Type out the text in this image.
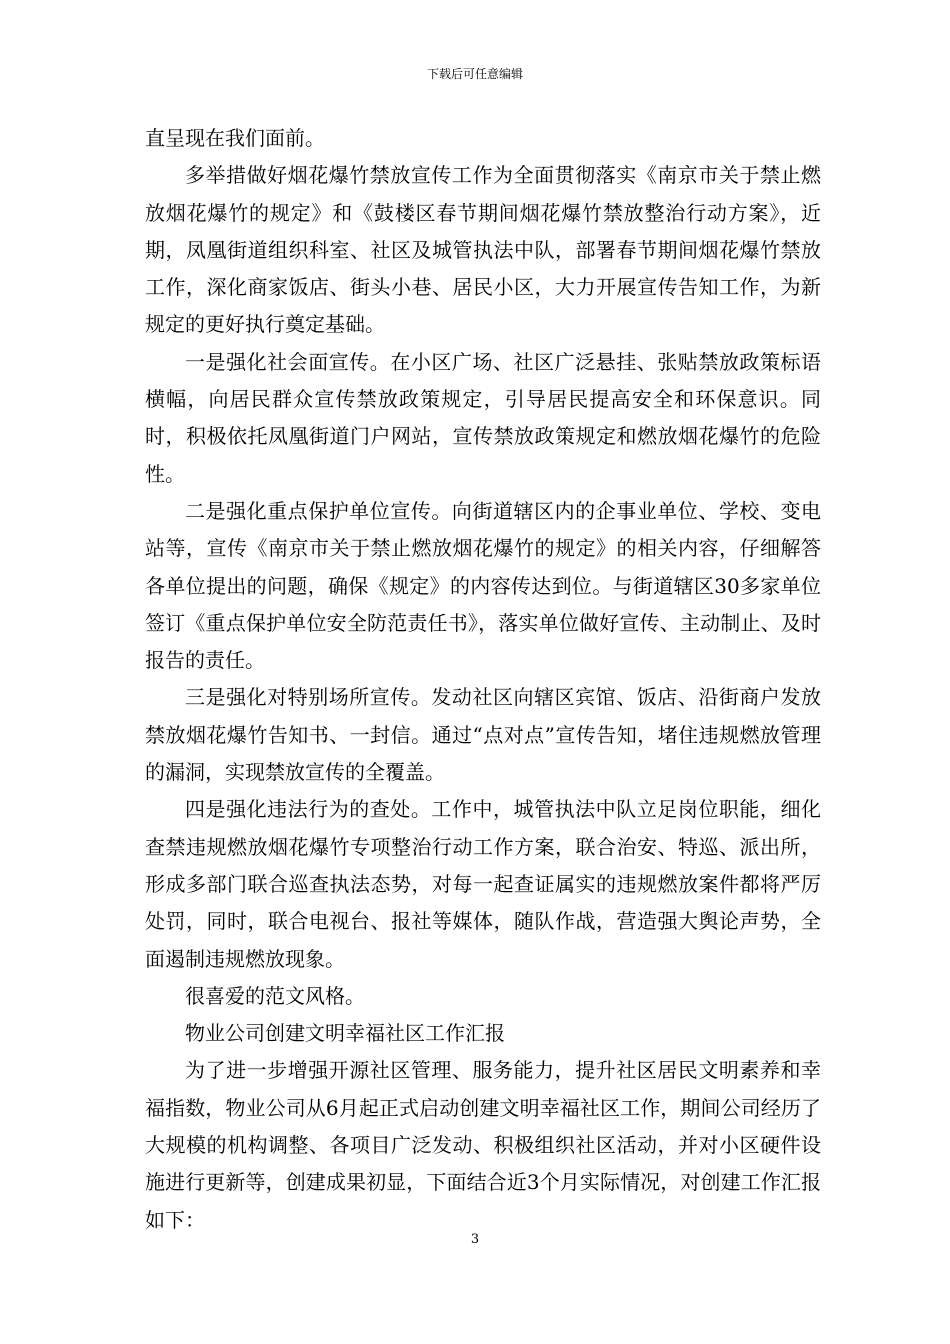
下载后可任意编辑

直呈现在我们面前。

多举措做好烟花爆竹禁放宣传工作为全面贯彻落实《南京市关于禁止燃放烟花爆竹的规定》和《鼓楼区春节期间烟花爆竹禁放整治行动方案》，近期，凤凰街道组织科室、社区及城管执法中队，部署春节期间烟花爆竹禁放工作，深化商家饭店、街头小巷、居民小区，大力开展宣传告知工作，为新规定的更好执行奠定基础。

一是强化社会面宣传。在小区广场、社区广泛悬挂、张贴禁放政策标语横幅，向居民群众宣传禁放政策规定，引导居民提高安全和环保意识。同时，积极依托凤凰街道门户网站，宣传禁放政策规定和燃放烟花爆竹的危险性。

二是强化重点保护单位宣传。向街道辖区内的企事业单位、学校、变电站等，宣传《南京市关于禁止燃放烟花爆竹的规定》的相关内容，仔细解答各单位提出的问题，确保《规定》的内容传达到位。与街道辖区30多家单位签订《重点保护单位安全防范责任书》，落实单位做好宣传、主动制止、及时报告的责任。

三是强化对特别场所宣传。发动社区向辖区宾馆、饭店、沿街商户发放禁放烟花爆竹告知书、一封信。通过“点对点”宣传告知，堵住违规燃放管理的漏洞，实现禁放宣传的全覆盖。

四是强化违法行为的查处。工作中，城管执法中队立足岗位职能，细化查禁违规燃放烟花爆竹专项整治行动工作方案，联合治安、特巡、派出所，形成多部门联合巡查执法态势，对每一起查证属实的违规燃放案件都将严厉处罚，同时，联合电视台、报社等媒体，随队作战，营造强大舆论声势，全面遏制违规燃放现象。

很喜爱的范文风格。

物业公司创建文明幸福社区工作汇报

为了进一步增强开源社区管理、服务能力，提升社区居民文明素养和幸福指数，物业公司从6月起正式启动创建文明幸福社区工作，期间公司经历了大规模的机构调整、各项目广泛发动、积极组织社区活动，并对小区硬件设施进行更新等，创建成果初显，下面结合近3个月实际情况，对创建工作汇报如下：

3
